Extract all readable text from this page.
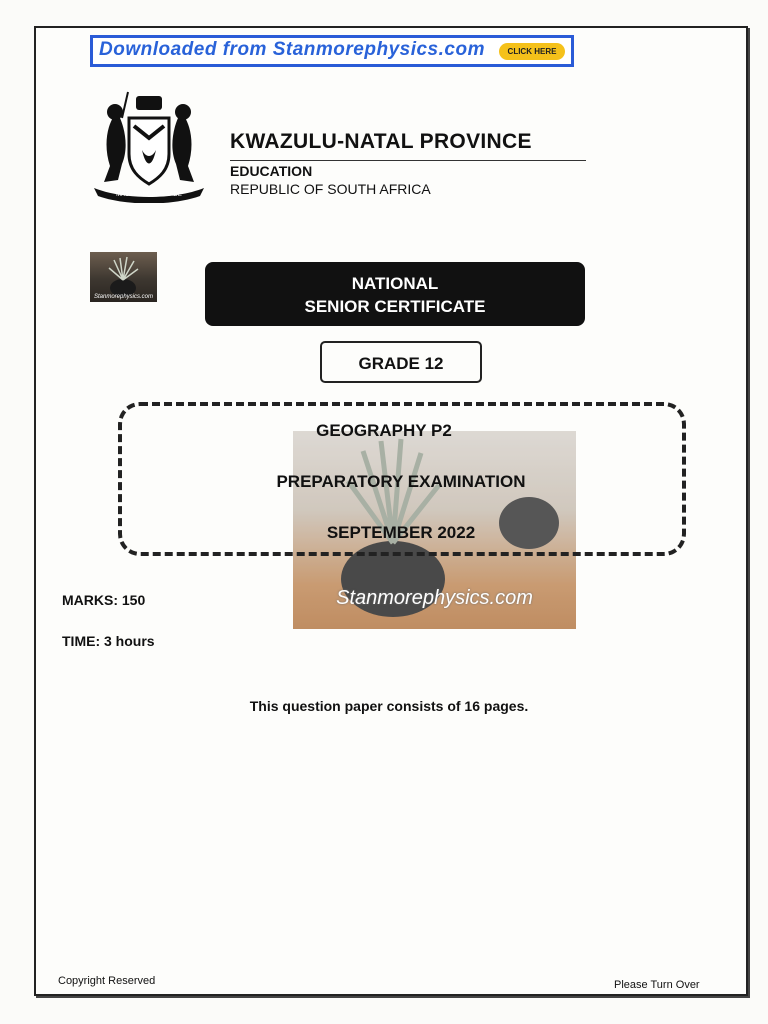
Downloaded from Stanmorephysics.com	CLICK HERE
MASIHLANGANE SADE
KWAZULU-NATAL PROVINCE
EDUCATION
REPUBLIC OF SOUTH AFRICA
Stanmorephysics.com
NATIONAL
SENIOR CERTIFICATE
GRADE 12
Stanmorephysics.com
GEOGRAPHY P2
PREPARATORY EXAMINATION
SEPTEMBER 2022
MARKS: 150
TIME: 3 hours
This question paper consists of 16 pages.
Copyright Reserved	Please Turn Over
